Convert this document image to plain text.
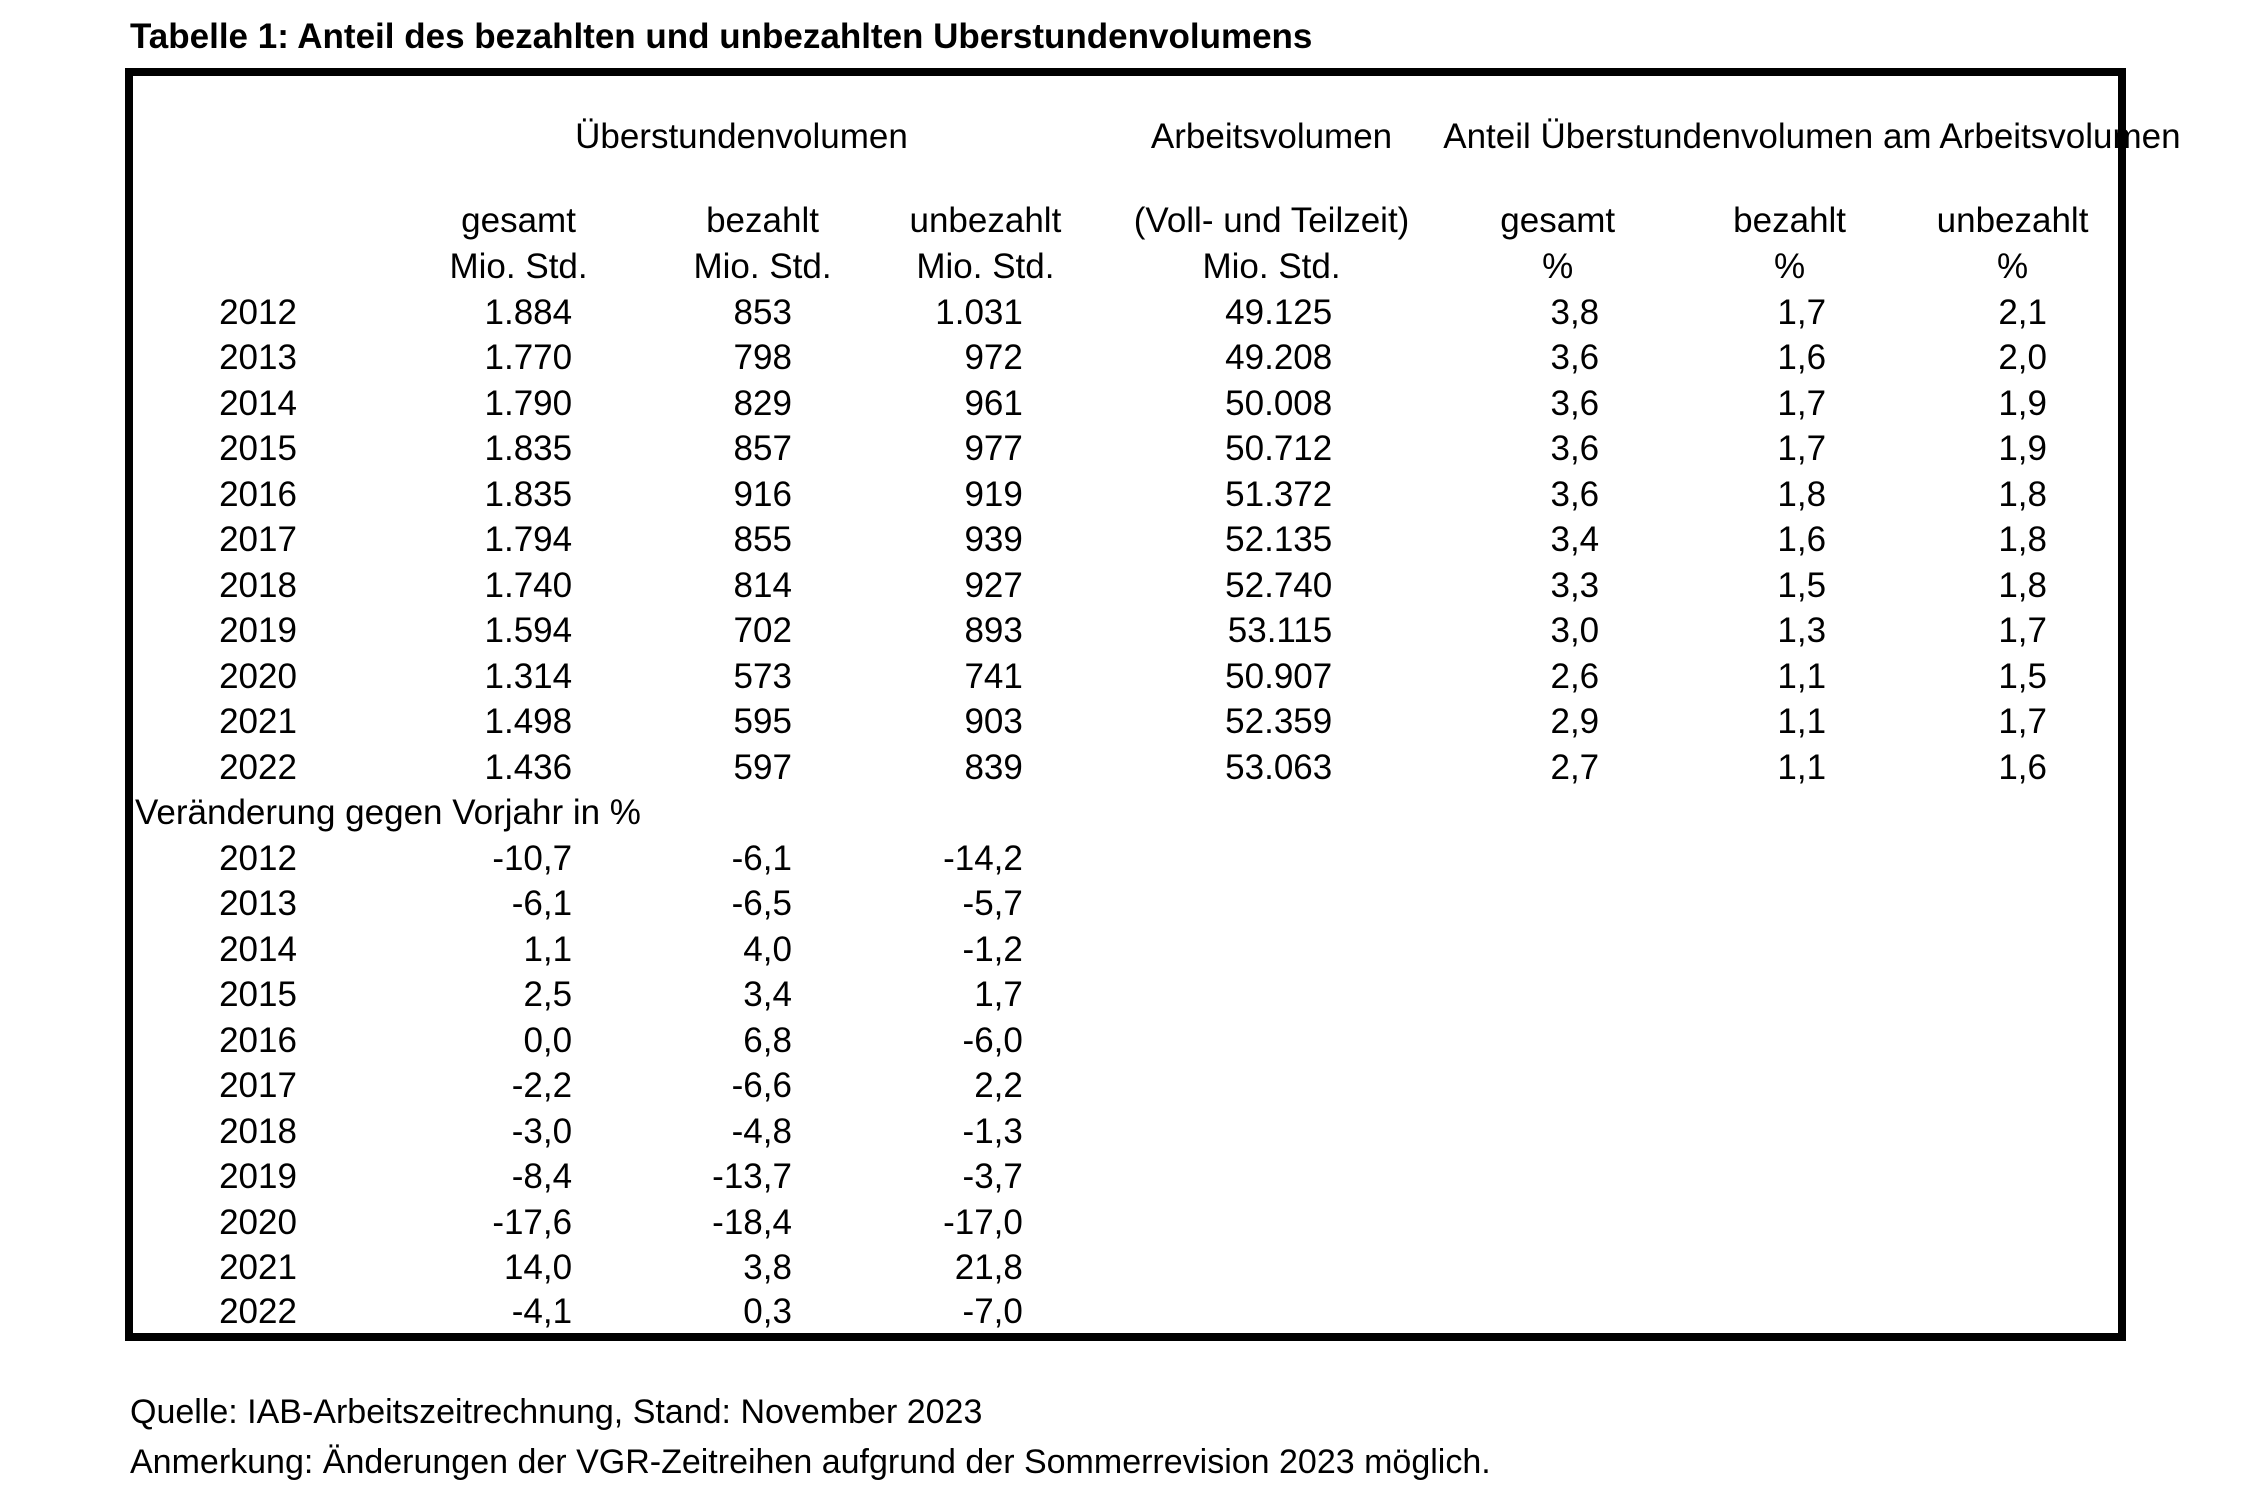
Tabelle 1: Anteil des bezahlten und unbezahlten Uberstundenvolumens
	Überstundenvolumen			Arbeitsvolumen	Anteil Überstundenvolumen am Arbeitsvolumen		
	gesamt	bezahlt	unbezahlt	(Voll- und Teilzeit)	gesamt	bezahlt	unbezahlt
	Mio. Std.	Mio. Std.	Mio. Std.	Mio. Std.	%	%	%
2012	1.884	853	1.031	49.125	3,8	1,7	2,1
2013	1.770	798	972	49.208	3,6	1,6	2,0
2014	1.790	829	961	50.008	3,6	1,7	1,9
2015	1.835	857	977	50.712	3,6	1,7	1,9
2016	1.835	916	919	51.372	3,6	1,8	1,8
2017	1.794	855	939	52.135	3,4	1,6	1,8
2018	1.740	814	927	52.740	3,3	1,5	1,8
2019	1.594	702	893	53.115	3,0	1,3	1,7
2020	1.314	573	741	50.907	2,6	1,1	1,5
2021	1.498	595	903	52.359	2,9	1,1	1,7
2022	1.436	597	839	53.063	2,7	1,1	1,6
Veränderung gegen Vorjahr in %							
2012	-10,7	-6,1	-14,2				
2013	-6,1	-6,5	-5,7				
2014	1,1	4,0	-1,2				
2015	2,5	3,4	1,7				
2016	0,0	6,8	-6,0				
2017	-2,2	-6,6	2,2				
2018	-3,0	-4,8	-1,3				
2019	-8,4	-13,7	-3,7				
2020	-17,6	-18,4	-17,0				
2021	14,0	3,8	21,8				
2022	-4,1	0,3	-7,0				
Quelle: IAB-Arbeitszeitrechnung, Stand: November 2023
Anmerkung: Änderungen der VGR-Zeitreihen aufgrund der Sommerrevision 2023 möglich.
